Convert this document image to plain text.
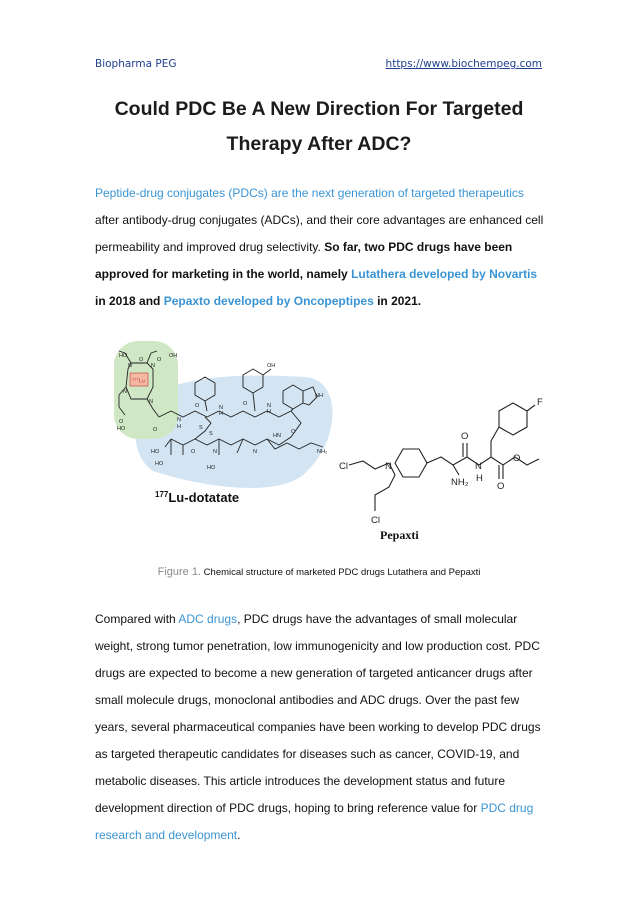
Biopharma PEG	https://www.biochempeg.com
Could PDC Be A New Direction For Targeted
Therapy After ADC?

Peptide-drug conjugates (PDCs) are the next generation of targeted therapeutics after antibody-drug conjugates (ADCs), and their core advantages are enhanced cell permeability and improved drug selectivity. So far, two PDC drugs have been approved for marketing in the world, namely Lutathera developed by Novartis in 2018 and Pepaxto developed by Oncopeptipes in 2021.

$^{177}$Lu
HO
O O
OH
N	N
N
N
O
HO	O
N
H
O	N
H
O	N
H
OH
NH
S
S	HN
O
HO
HO
O	N
HO
N	NH₂
$^{177}$Lu-dotatate
Cl	N
Cl
NH₂
O
N
H
O
O
F
Pepaxti
Figure 1. Chemical structure of marketed PDC drugs Lutathera and Pepaxti

Compared with ADC drugs, PDC drugs have the advantages of small molecular weight, strong tumor penetration, low immunogenicity and low production cost. PDC drugs are expected to become a new generation of targeted anticancer drugs after small molecule drugs, monoclonal antibodies and ADC drugs. Over the past few years, several pharmaceutical companies have been working to develop PDC drugs as targeted therapeutic candidates for diseases such as cancer, COVID-19, and metabolic diseases. This article introduces the development status and future development direction of PDC drugs, hoping to bring reference value for PDC drug research and development.
